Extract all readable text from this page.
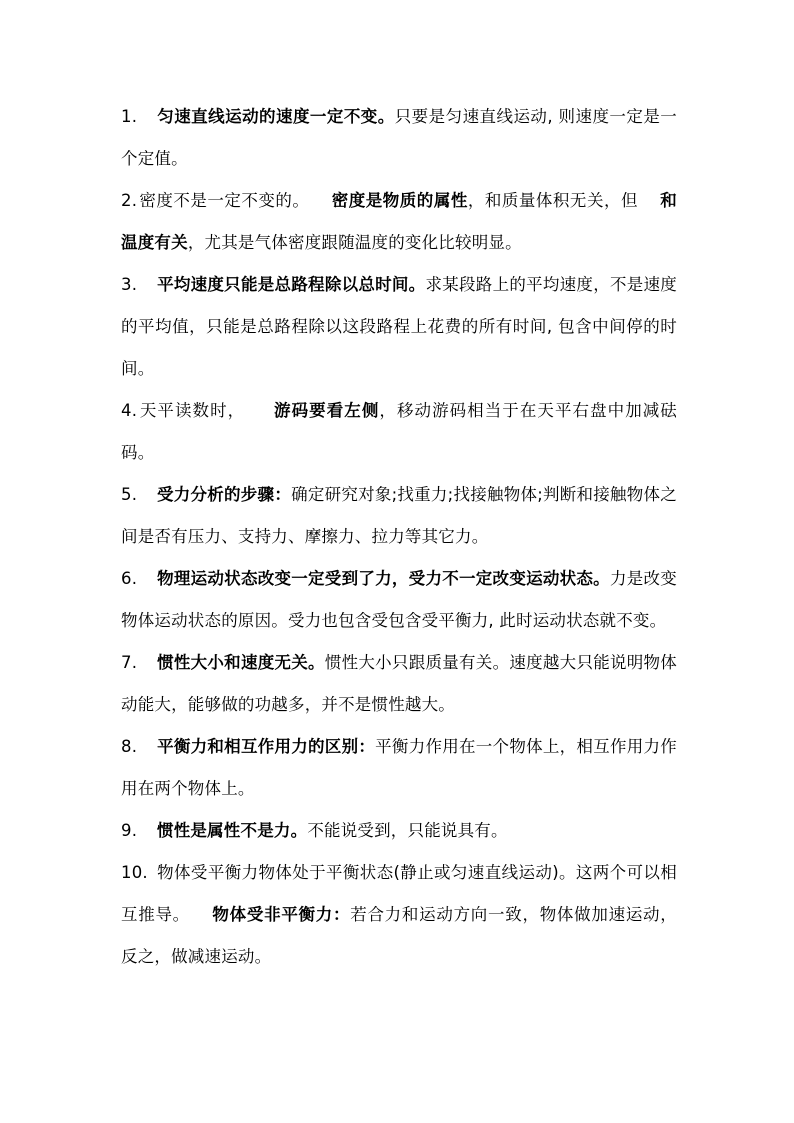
1. 匀速直线运动的速度一定不变。只要是匀速直线运动, 则速度一定是一个定值。

2. 密度不是一定不变的。 密度是物质的属性，和质量体积无关，但 和温度有关，尤其是气体密度跟随温度的变化比较明显。

3. 平均速度只能是总路程除以总时间。求某段路上的平均速度，不是速度的平均值，只能是总路程除以这段路程上花费的所有时间, 包含中间停的时间。

4. 天平读数时， 游码要看左侧，移动游码相当于在天平右盘中加减砝码。

5. 受力分析的步骤：确定研究对象;找重力;找接触物体;判断和接触物体之间是否有压力、支持力、摩擦力、拉力等其它力。

6. 物理运动状态改变一定受到了力，受力不一定改变运动状态。力是改变物体运动状态的原因。受力也包含受包含受平衡力, 此时运动状态就不变。

7. 惯性大小和速度无关。惯性大小只跟质量有关。速度越大只能说明物体动能大，能够做的功越多，并不是惯性越大。

8. 平衡力和相互作用力的区别：平衡力作用在一个物体上，相互作用力作用在两个物体上。

9. 惯性是属性不是力。不能说受到，只能说具有。

10. 物体受平衡力物体处于平衡状态(静止或匀速直线运动)。这两个可以相互推导。 物体受非平衡力：若合力和运动方向一致，物体做加速运动，反之，做减速运动。
